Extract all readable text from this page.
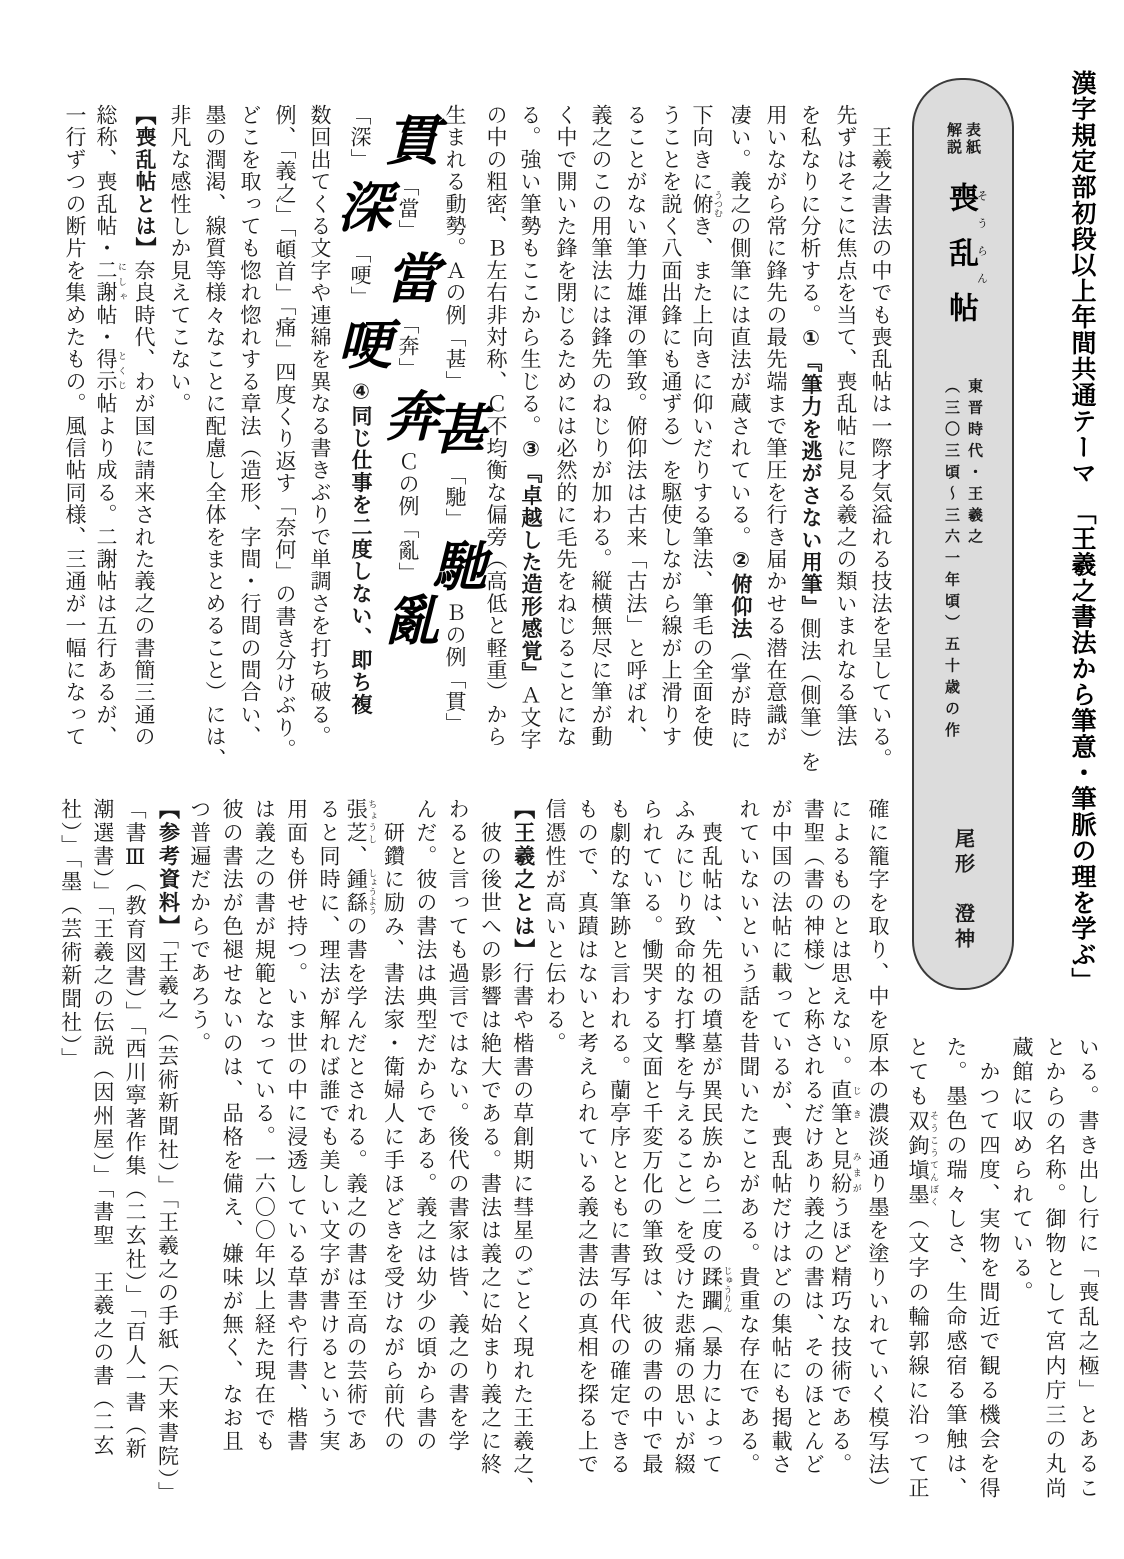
漢字規定部初段以上年間共通テーマ　「王羲之書法から筆意・筆脈の理を学ぶ」
表紙
解説
喪そう乱らん帖
東晋時代・王羲之
（三〇三頃～三六一年頃）五十歳の作
尾形　澄神
　王羲之書法の中でも喪乱帖は一際才気溢れる技法を呈している。
先ずはそこに焦点を当て、喪乱帖に見る羲之の類いまれなる筆法
を私なりに分析する。①『筆力を逃がさない用筆』側法（側筆）を
用いながら常に鋒先の最先端まで筆圧を行き届かせる潜在意識が
凄い。義之の側筆には直法が蔵されている。②俯仰法（掌が時に
下向きに俯 うつむき、また上向きに仰いだりする筆法、筆毛の全面を使
うことを説く八面出鋒にも通ずる）を駆使しながら線が上滑りす
ることがない筆力雄渾の筆致。俯仰法は古来「古法」と呼ばれ、
義之のこの用筆法には鋒先のねじりが加わる。縦横無尽に筆が動
く中で開いた鋒を閉じるためには必然的に毛先をねじることにな
る。強い筆勢もここから生じる。③『卓越した造形感覚』Ａ文字
の中の粗密、Ｂ左右非対称、Ｃ不均衡な偏旁（高低と軽重）から
生まれる動勢。Ａの例「甚」甚「馳」馳Ｂの例「貫」
貫「當」當「奔」奔Ｃの例「亂」亂
「深」深「哽」哽④同じ仕事を二度しない、即ち複
数回出てくる文字や連綿を異なる書きぶりで単調さを打ち破る。
例、「義之」「頓首」「痛」四度くり返す「奈何」の書き分けぶり。
どこを取っても惚れ惚れする章法（造形、字間・行間の間合い、
墨の潤渇、線質等様々なことに配慮し全体をまとめること）には、
非凡な感性しか見えてこない。
【喪乱帖とは】奈良時代、わが国に請来された義之の書簡三通の
総称、喪乱帖・二謝 にしゃ帖・得示 とくじ帖より成る。二謝帖は五行あるが、
一行ずつの断片を集めたもの。風信帖同様、三通が一幅になって
いる。書き出し行に「喪乱之極」とあるこ
とからの名称。御物として宮内庁三の丸尚
蔵館に収められている。
　かつて四度、実物を間近で観る機会を得
た。墨色の瑞々しさ、生命感宿る筆触は、
とても双鉤塡墨 そうこうてんぼく（文字の輪郭線に沿って正
確に籠字を取り、中を原本の濃淡通り墨を塗りいれていく模写法）
によるものとは思えない。直筆 じきと見紛 みまがうほど精巧な技術である。
書聖（書の神様）と称されるだけあり義之の書は、そのほとんど
が中国の法帖に載っているが、喪乱帖だけはどの集帖にも掲載さ
れていないという話を昔聞いたことがある。貴重な存在である。
　喪乱帖は、先祖の墳墓が異民族から二度の蹂躙 じゅうりん（暴力によって
ふみにじり致命的な打撃を与えること）を受けた悲痛の思いが綴
られている。慟哭する文面と千変万化の筆致は、彼の書の中で最
も劇的な筆跡と言われる。蘭亭序とともに書写年代の確定できる
もので、真蹟はないと考えられている義之書法の真相を探る上で
信憑性が高いと伝わる。
【王羲之とは】行書や楷書の草創期に彗星のごとく現れた王羲之、
　彼の後世への影響は絶大である。書法は義之に始まり義之に終
わると言っても過言ではない。後代の書家は皆、義之の書を学
んだ。彼の書法は典型だからである。義之は幼少の頃から書の
　研鑽に励み、書法家・衛婦人に手ほどきを受けながら前代の
張芝 ちょうし、鍾繇 しょうようの書を学んだとされる。義之の書は至高の芸術であ
ると同時に、理法が解れば誰でも美しい文字が書けるという実
用面も併せ持つ。いま世の中に浸透している草書や行書、楷書
は義之の書が規範となっている。一六〇〇年以上経た現在でも
彼の書法が色褪せないのは、品格を備え、嫌味が無く、なお且
つ普遍だからであろう。
【参考資料】「王羲之（芸術新聞社）」「王羲之の手紙（天来書院）」
「書Ⅲ（教育図書）」「西川寧著作集（二玄社）」「百人一書（新
潮選書）」「王羲之の伝説（因州屋）」「書聖　王羲之の書（二玄
社）」「墨（芸術新聞社）」
